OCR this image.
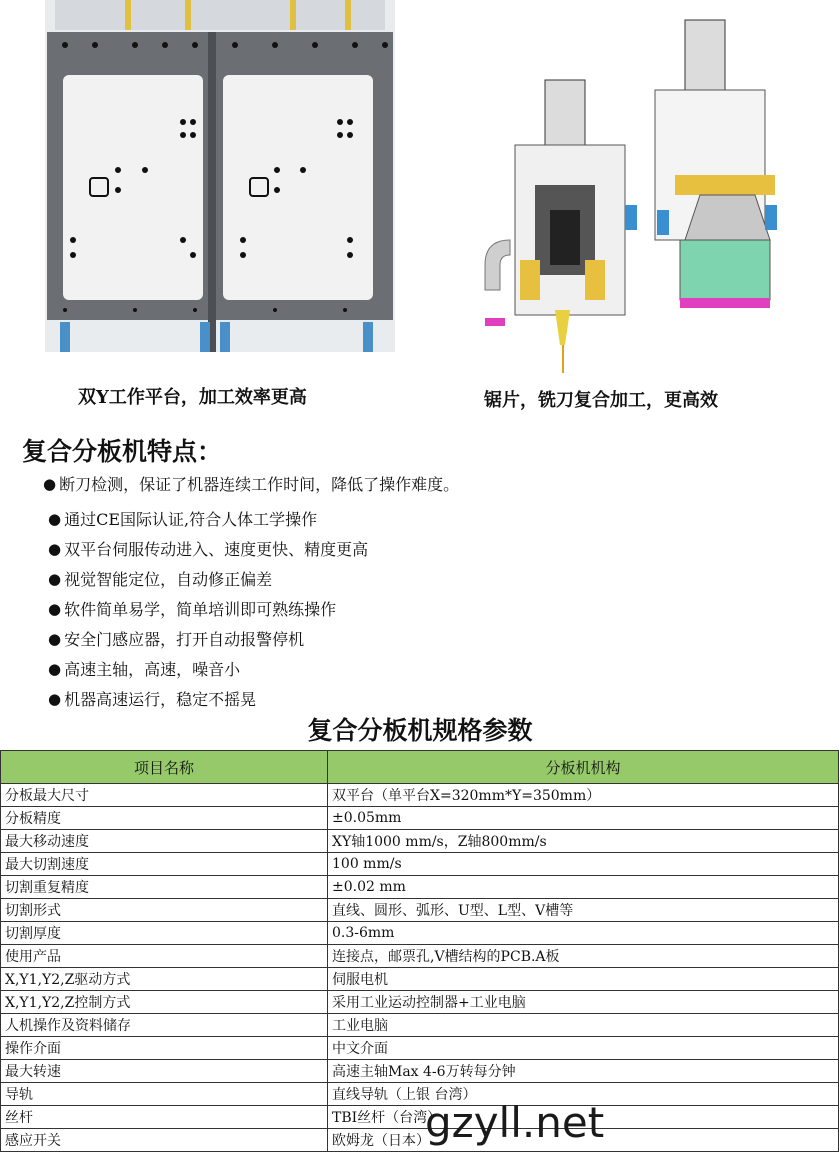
双Y工作平台，加工效率更高	锯片，铣刀复合加工，更高效
复合分板机特点：
● 断刀检测，保证了机器连续工作时间，降低了操作难度。
● 通过CE国际认证,符合人体工学操作
● 双平台伺服传动进入、速度更快、精度更高
● 视觉智能定位，自动修正偏差
● 软件简单易学，简单培训即可熟练操作
● 安全门感应器，打开自动报警停机
● 高速主轴，高速，噪音小
● 机器高速运行，稳定不摇晃
复合分板机规格参数
项目名称	分板机机构
分板最大尺寸	双平台（单平台X=320mm*Y=350mm）
分板精度	±0.05mm
最大移动速度	XY轴1000 mm/s，Z轴800mm/s
最大切割速度	100 mm/s
切割重复精度	±0.02 mm
切割形式	直线、圆形、弧形、U型、L型、V槽等
切割厚度	0.3-6mm
使用产品	连接点，邮票孔,V槽结构的PCB.A板
X,Y1,Y2,Z驱动方式	伺服电机
X,Y1,Y2,Z控制方式	采用工业运动控制器+工业电脑
人机操作及资料储存	工业电脑
操作介面	中文介面
最大转速	高速主轴Max 4-6万转每分钟
导轨	直线导轨（上银 台湾）
丝杆	TBI丝杆（台湾）
感应开关	欧姆龙（日本）
gzyll.net
